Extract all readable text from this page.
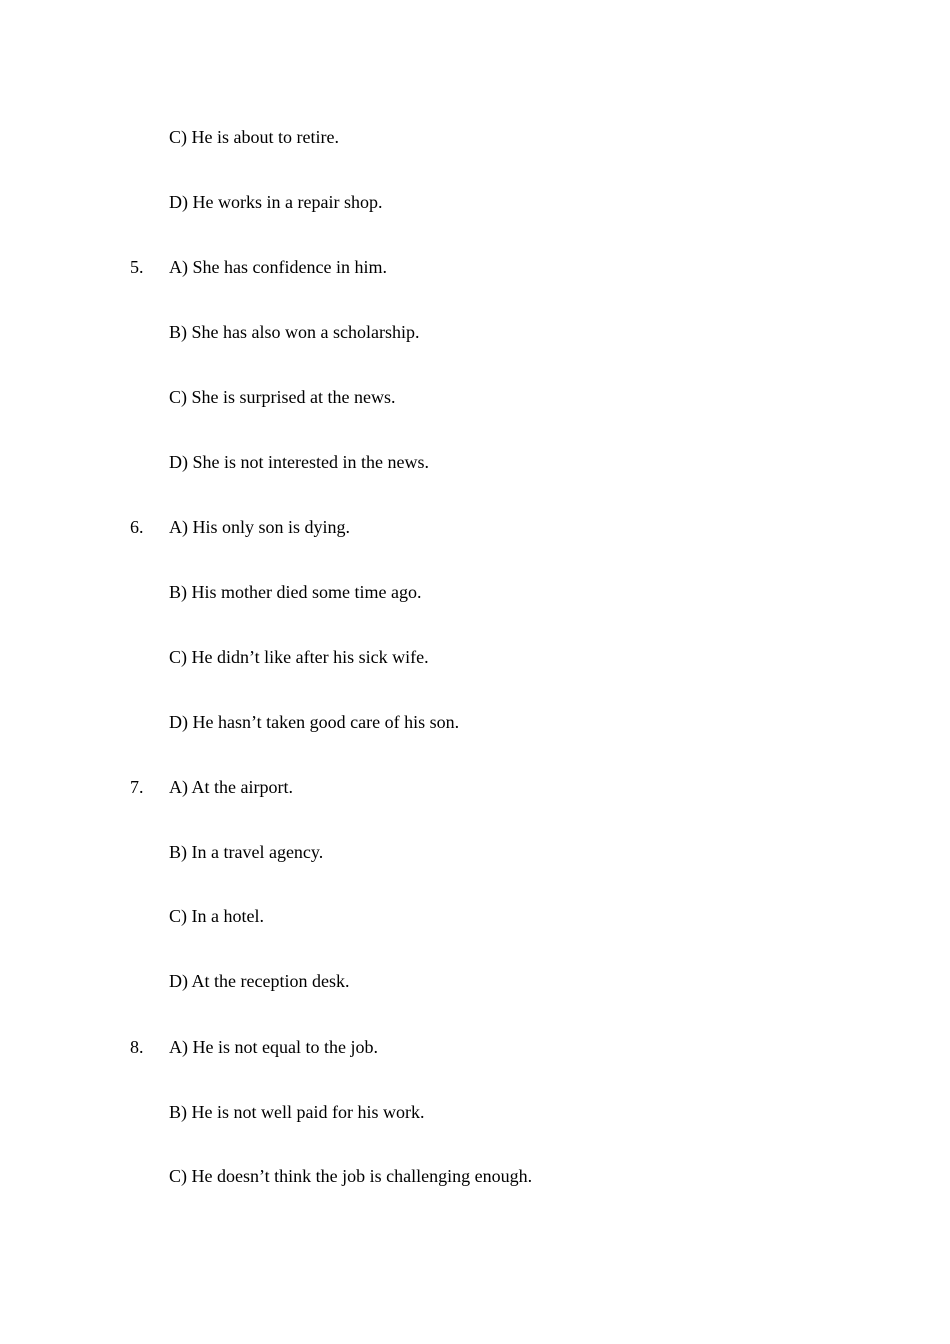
C) He is about to retire.
D) He works in a repair shop.
5. A) She has confidence in him.
B) She has also won a scholarship.
C) She is surprised at the news.
D) She is not interested in the news.
6. A) His only son is dying.
B) His mother died some time ago.
C) He didn’t like after his sick wife.
D) He hasn’t taken good care of his son.
7. A) At the airport.
B) In a travel agency.
C) In a hotel.
D) At the reception desk.
8. A) He is not equal to the job.
B) He is not well paid for his work.
C) He doesn’t think the job is challenging enough.
